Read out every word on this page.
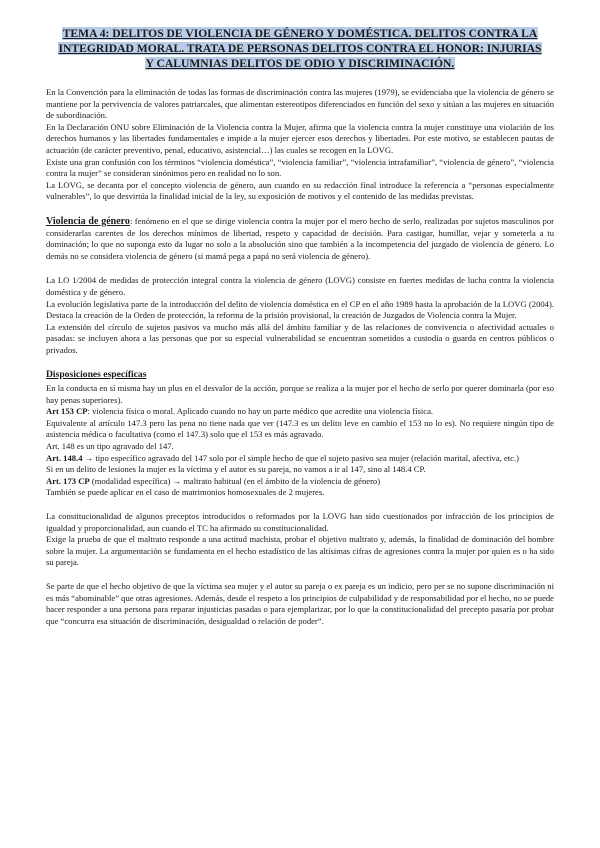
TEMA 4: DELITOS DE VIOLENCIA DE GÉNERO Y DOMÉSTICA. DELITOS CONTRA LA INTEGRIDAD MORAL. TRATA DE PERSONAS DELITOS CONTRA EL HONOR: INJURIAS Y CALUMNIAS DELITOS DE ODIO Y DISCRIMINACIÓN.

En la Convención para la eliminación de todas las formas de discriminación contra las mujeres (1979), se evidenciaba que la violencia de género se mantiene por la pervivencia de valores patriarcales, que alimentan estereotipos diferenciados en función del sexo y sitúan a las mujeres en situación de subordinación.

En la Declaración ONU sobre Eliminación de la Violencia contra la Mujer, afirma que la violencia contra la mujer constituye una violación de los derechos humanos y las libertades fundamentales e impide a la mujer ejercer esos derechos y libertades. Por este motivo, se establecen pautas de actuación (de carácter preventivo, penal, educativo, asistencial…) las cuales se recogen en la LOVG.

Existe una gran confusión con los términos “violencia doméstica”, “violencia familiar”, “violencia intrafamiliar”, “violencia de género”, “violencia contra la mujer” se consideran sinónimos pero en realidad no lo son.

La LOVG, se decanta por el concepto violencia de género, aun cuando en su redacción final introduce la referencia a “personas especialmente vulnerables”, lo que desvirtúa la finalidad inicial de la ley, su exposición de motivos y el contenido de las medidas previstas.

Violencia de género: fenómeno en el que se dirige violencia contra la mujer por el mero hecho de serlo, realizadas por sujetos masculinos por considerarlas carentes de los derechos mínimos de libertad, respeto y capacidad de decisión. Para castigar, humillar, vejar y someterla a tu dominación; lo que no suponga esto da lugar no solo a la absolución sino que también a la incompetencia del juzgado de violencia de género. Lo demás no se considera violencia de género (si mamá pega a papá no será violencia de género).

La LO 1/2004 de medidas de protección integral contra la violencia de género (LOVG) consiste en fuertes medidas de lucha contra la violencia doméstica y de género.

La evolución legislativa parte de la introducción del delito de violencia doméstica en el CP en el año 1989 hasta la aprobación de la LOVG (2004). Destaca la creación de la Orden de protección, la reforma de la prisión provisional, la creación de Juzgados de Violencia contra la Mujer.

La extensión del círculo de sujetos pasivos va mucho más allá del ámbito familiar y de las relaciones de convivencia o afectividad actuales o pasadas: se incluyen ahora a las personas que por su especial vulnerabilidad se encuentran sometidos a custodia o guarda en centros públicos o privados.

Disposiciones específicas

En la conducta en sí misma hay un plus en el desvalor de la acción, porque se realiza a la mujer por el hecho de serlo por querer dominarla (por eso hay penas superiores).

Art 153 CP: violencia física o moral. Aplicado cuando no hay un parte médico que acredite una violencia física.

Equivalente al artículo 147.3 pero las pena no tiene nada que ver (147.3 es un delito leve en cambio el 153 no lo es). No requiere ningún tipo de asistencia médica o facultativa (como el 147.3) solo que el 153 es más agravado.

Art. 148 es un tipo agravado del 147.

Art. 148.4 → tipo específico agravado del 147 solo por el simple hecho de que el sujeto pasivo sea mujer (relación marital, afectiva, etc.)

Si en un delito de lesiones la mujer es la víctima y el autor es su pareja, no vamos a ir al 147, sino al 148.4 CP.

Art. 173 CP (modalidad específica) → maltrato habitual (en el ámbito de la violencia de género)

También se puede aplicar en el caso de matrimonios homosexuales de 2 mujeres.

La constitucionalidad de algunos preceptos introducidos o reformados por la LOVG han sido cuestionados por infracción de los principios de igualdad y proporcionalidad, aun cuando el TC ha afirmado su constitucionalidad.

Exige la prueba de que el maltrato responde a una actitud machista, probar el objetivo maltrato y, además, la finalidad de dominación del hombre sobre la mujer. La argumentación se fundamenta en el hecho estadístico de las altísimas cifras de agresiones contra la mujer por quien es o ha sido su pareja.

Se parte de que el hecho objetivo de que la víctima sea mujer y el autor su pareja o ex pareja es un indicio, pero per se no supone discriminación ni es más “abominable” que otras agresiones. Además, desde el respeto a los principios de culpabilidad y de responsabilidad por el hecho, no se puede hacer responder a una persona para reparar injusticias pasadas o para ejemplarizar, por lo que la constitucionalidad del precepto pasaría por probar que “concurra esa situación de discriminación, desigualdad o relación de poder”.
